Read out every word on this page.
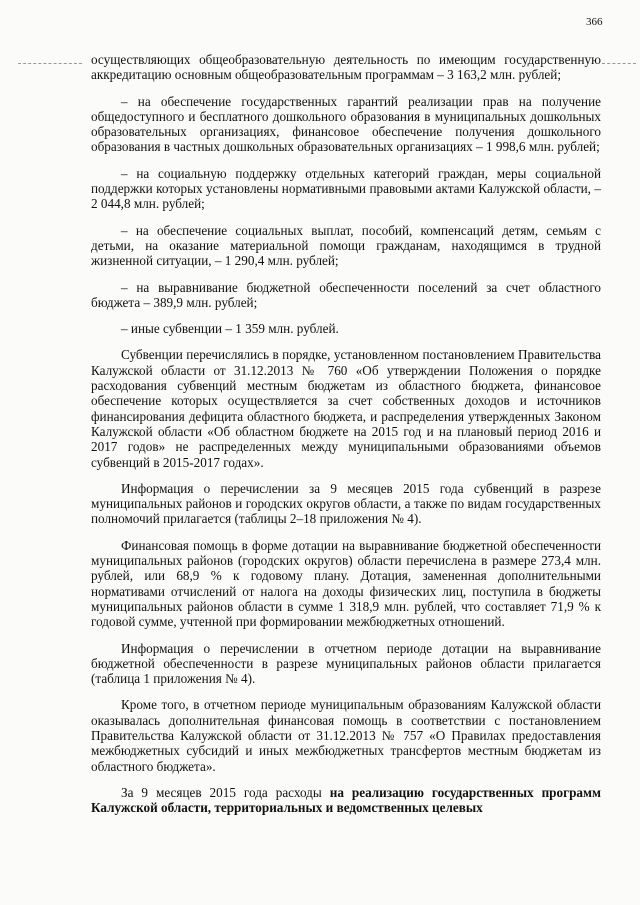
366

осуществляющих общеобразовательную деятельность по имеющим государственную аккредитацию основным общеобразовательным программам – 3 163,2 млн. рублей;

– на обеспечение государственных гарантий реализации прав на получение общедоступного и бесплатного дошкольного образования в муниципальных дошкольных образовательных организациях, финансовое обеспечение получения дошкольного образования в частных дошкольных образовательных организациях – 1 998,6 млн. рублей;

– на социальную поддержку отдельных категорий граждан, меры социальной поддержки которых установлены нормативными правовыми актами Калужской области, – 2 044,8 млн. рублей;

– на обеспечение социальных выплат, пособий, компенсаций детям, семьям с детьми, на оказание материальной помощи гражданам, находящимся в трудной жизненной ситуации, – 1 290,4 млн. рублей;

– на выравнивание бюджетной обеспеченности поселений за счет областного бюджета – 389,9 млн. рублей;

– иные субвенции – 1 359 млн. рублей.

Субвенции перечислялись в порядке, установленном постановлением Правительства Калужской области от 31.12.2013 № 760 «Об утверждении Положения о порядке расходования субвенций местным бюджетам из областного бюджета, финансовое обеспечение которых осуществляется за счет собственных доходов и источников финансирования дефицита областного бюджета, и распределения утвержденных Законом Калужской области «Об областном бюджете на 2015 год и на плановый период 2016 и 2017 годов» не распределенных между муниципальными образованиями объемов субвенций в 2015-2017 годах».

Информация о перечислении за 9 месяцев 2015 года субвенций в разрезе муниципальных районов и городских округов области, а также по видам государственных полномочий прилагается (таблицы 2–18 приложения № 4).

Финансовая помощь в форме дотации на выравнивание бюджетной обеспеченности муниципальных районов (городских округов) области перечислена в размере 273,4 млн. рублей, или 68,9 % к годовому плану. Дотация, замененная дополнительными нормативами отчислений от налога на доходы физических лиц, поступила в бюджеты муниципальных районов области в сумме 1 318,9 млн. рублей, что составляет 71,9 % к годовой сумме, учтенной при формировании межбюджетных отношений.

Информация о перечислении в отчетном периоде дотации на выравнивание бюджетной обеспеченности в разрезе муниципальных районов области прилагается (таблица 1 приложения № 4).

Кроме того, в отчетном периоде муниципальным образованиям Калужской области оказывалась дополнительная финансовая помощь в соответствии с постановлением Правительства Калужской области от 31.12.2013 № 757 «О Правилах предоставления межбюджетных субсидий и иных межбюджетных трансфертов местным бюджетам из областного бюджета».

За 9 месяцев 2015 года расходы на реализацию государственных программ Калужской области, территориальных и ведомственных целевых
